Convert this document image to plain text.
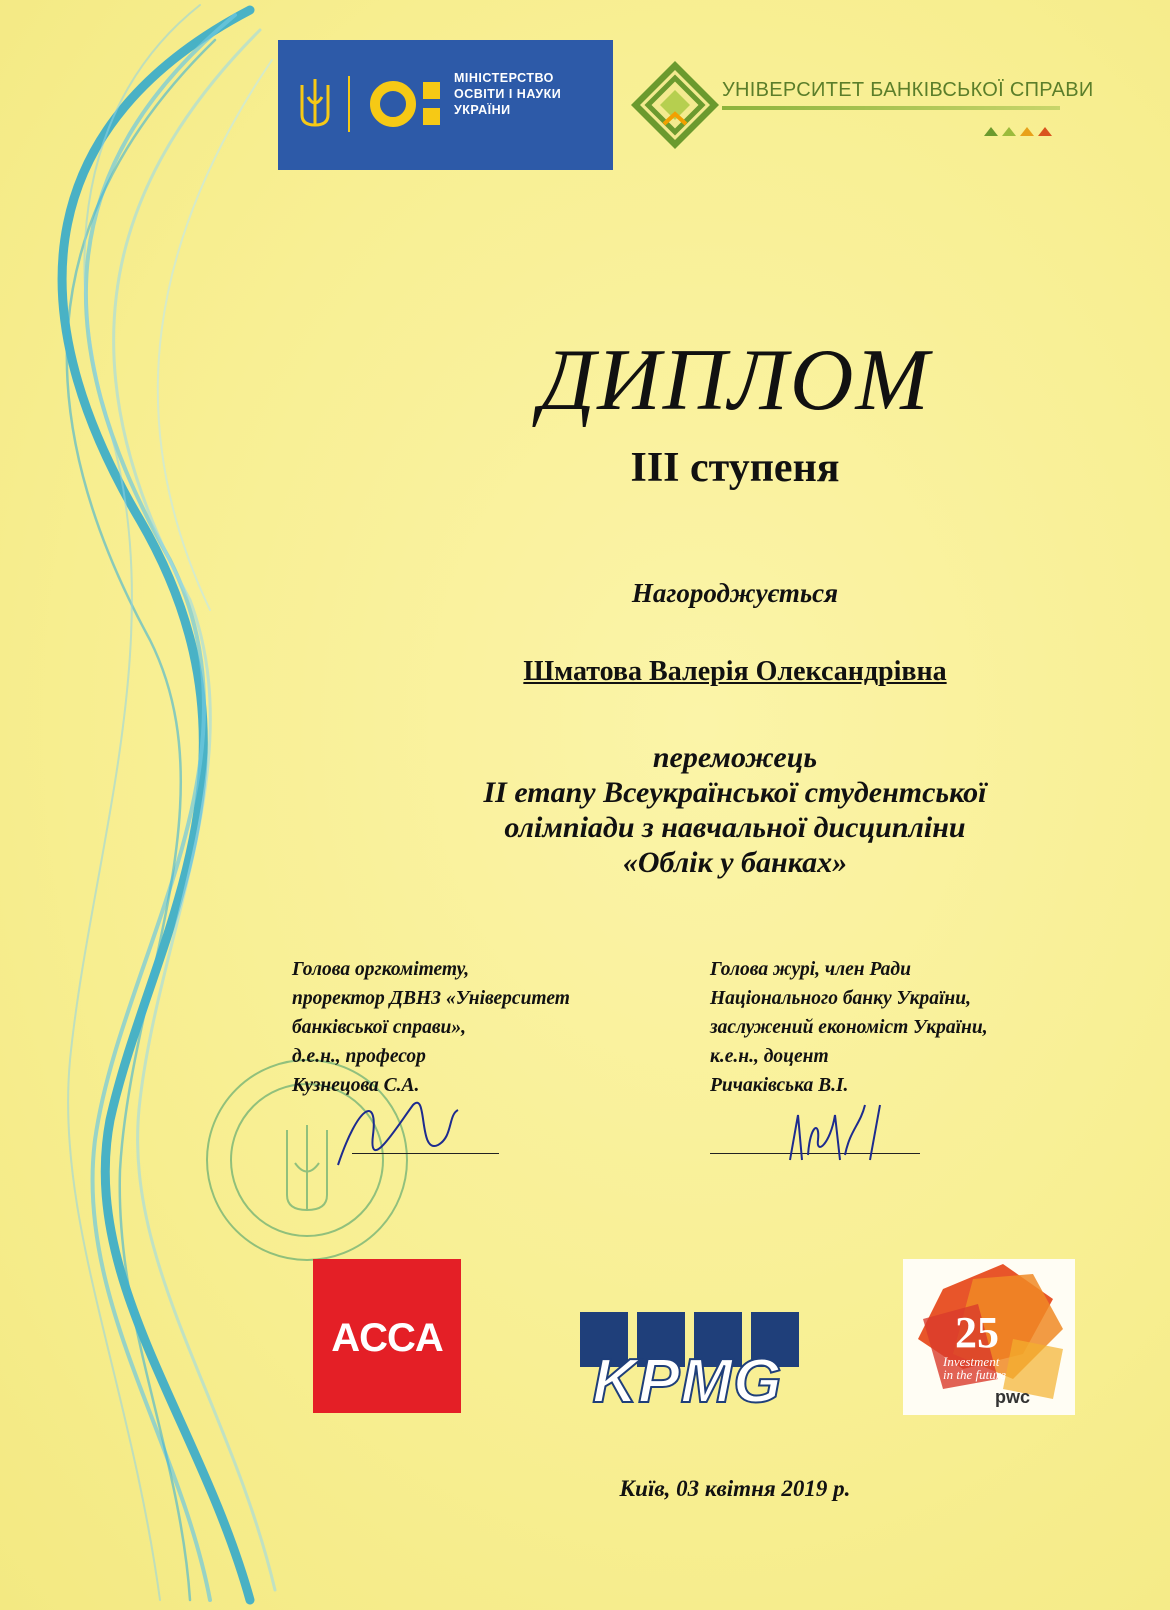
МІНІСТЕРСТВО
ОСВІТИ І НАУКИ
УКРАЇНИ
УНІВЕРСИТЕТ БАНКІВСЬКОЇ СПРАВИ
ДИПЛОМ
ІІІ ступеня
Нагороджується
Шматова Валерія Олександрівна
переможець
ІІ етапу Всеукраїнської студентської
олімпіади з навчальної дисципліни
«Облік у банках»
Голова оргкомітету,
проректор ДВНЗ «Університет
банківської справи»,
д.е.н., професор
Кузнецова С.А.
Голова журі, член Ради
Національного банку України,
заслужений економіст України,
к.е.н., доцент
Ричаківська В.І.
ACCA
KPMG
25
Investment
in the future
pwc
Київ, 03 квітня 2019 р.
